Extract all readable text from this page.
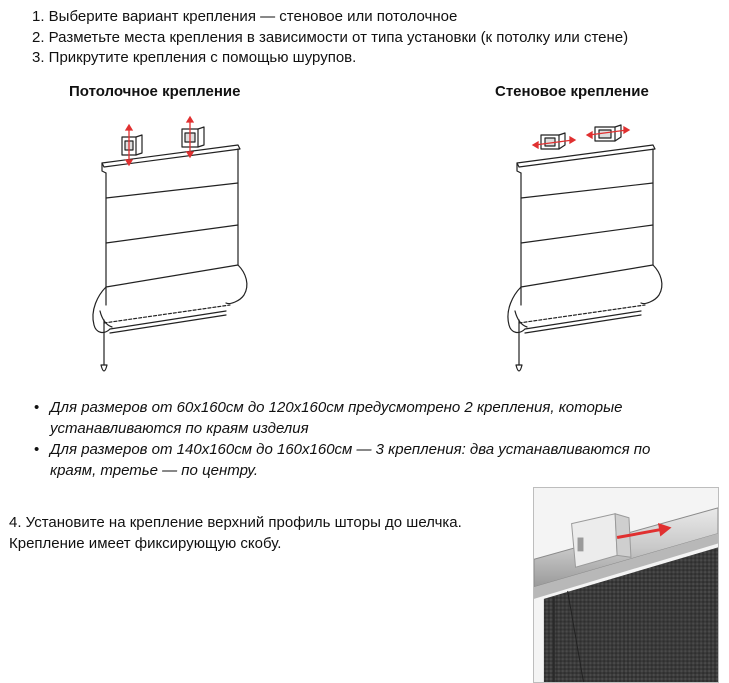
1. Выберите вариант крепления — стеновое или потолочное
2. Разметьте места крепления в зависимости от типа установки (к потолку или стене)
3. Прикрутите крепления с помощью шурупов.
Потолочное крепление	Стеновое крепление
• Для размеров от 60х160см до 120х160см предусмотрено 2 крепления, которые устанавливаются по краям изделия
• Для размеров от 140х160см до 160х160см — 3 крепления: два устанавливаются по краям, третье — по центру.
4. Установите на крепление верхний профиль шторы до шелчка.
Крепление имеет фиксирующую скобу.
